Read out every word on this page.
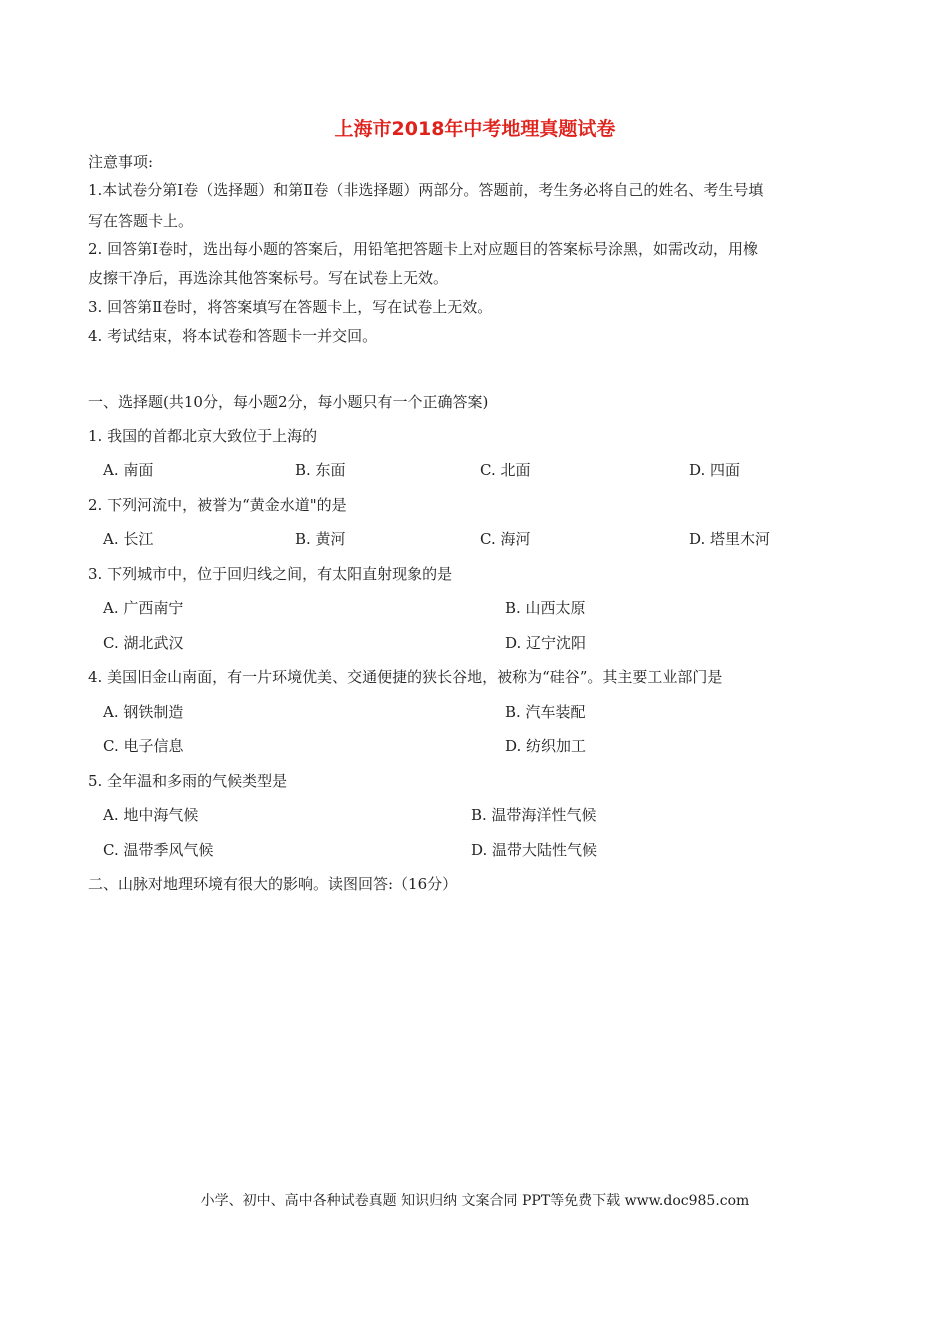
上海市2018年中考地理真题试卷
注意事项:
1.本试卷分第Ⅰ卷（选择题）和第Ⅱ卷（非选择题）两部分。答题前，考生务必将自己的姓名、考生号填
写在答题卡上。
2. 回答第Ⅰ卷时，选出每小题的答案后，用铅笔把答题卡上对应题目的答案标号涂黑，如需改动，用橡
皮擦干净后，再选涂其他答案标号。写在试卷上无效。
3. 回答第Ⅱ卷时，将答案填写在答题卡上，写在试卷上无效。
4. 考试结束，将本试卷和答题卡一并交回。
一、选择题(共10分，每小题2分，每小题只有一个正确答案)
1. 我国的首都北京大致位于上海的
A. 南面	B. 东面	C. 北面	D. 四面
2. 下列河流中，被誉为“黄金水道"的是
A. 长江	B. 黄河	C. 海河	D. 塔里木河
3. 下列城市中，位于回归线之间，有太阳直射现象的是
A. 广西南宁	B. 山西太原
C. 湖北武汉	D. 辽宁沈阳
4. 美国旧金山南面，有一片环境优美、交通便捷的狭长谷地，被称为“硅谷”。其主要工业部门是
A. 钢铁制造	B. 汽车装配
C. 电子信息	D. 纺织加工
5. 全年温和多雨的气候类型是
A. 地中海气候	B. 温带海洋性气候
C. 温带季风气候	D. 温带大陆性气候
二、山脉对地理环境有很大的影响。读图回答:（16分）
小学、初中、高中各种试卷真题 知识归纳 文案合同 PPT等免费下载 www.doc985.com
